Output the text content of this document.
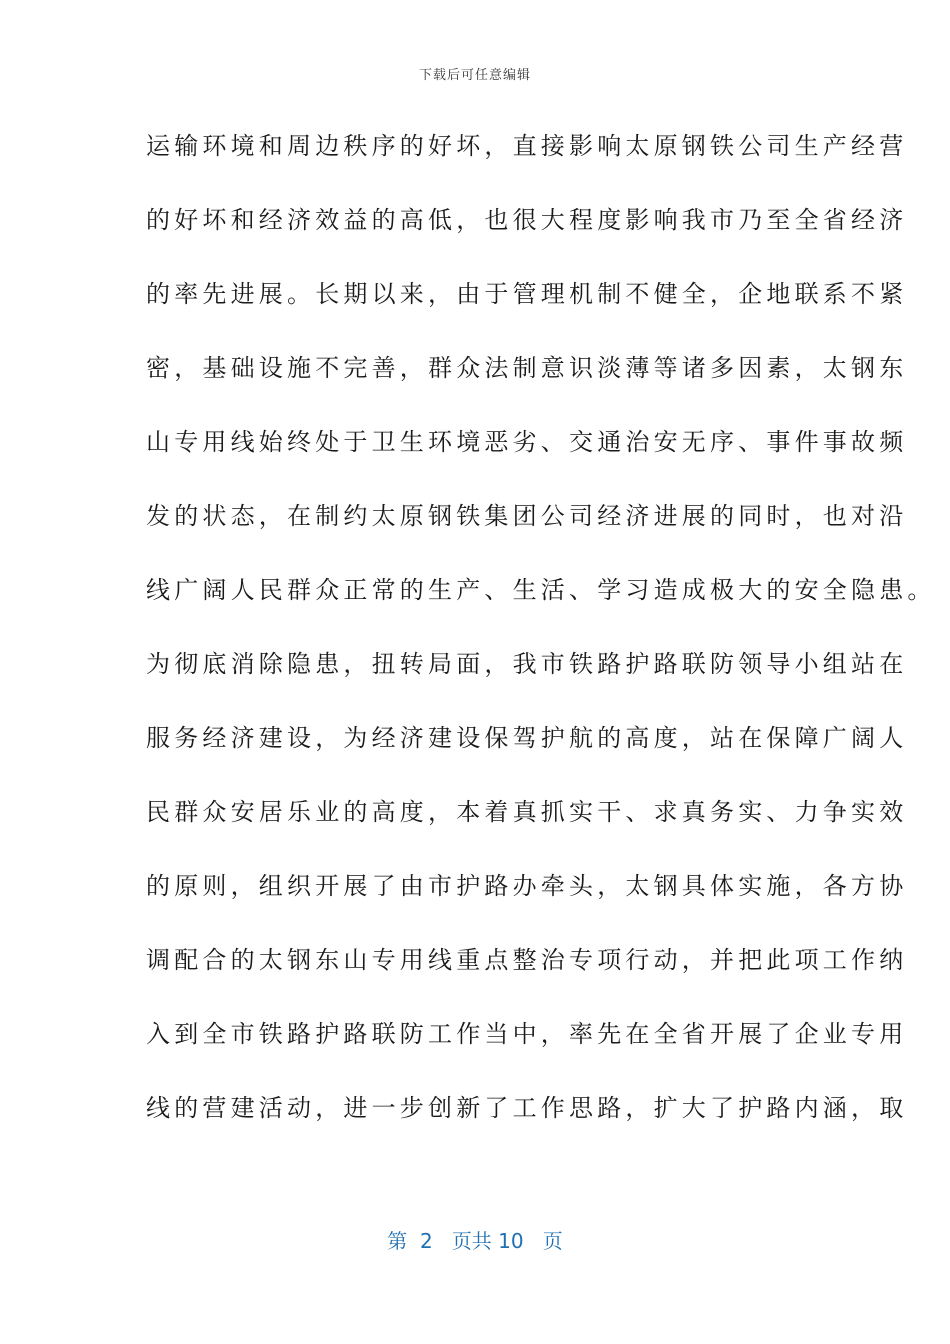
下载后可任意编辑
运输环境和周边秩序的好坏，直接影响太原钢铁公司生产经营
的好坏和经济效益的高低，也很大程度影响我市乃至全省经济
的率先进展。长期以来，由于管理机制不健全，企地联系不紧
密，基础设施不完善，群众法制意识淡薄等诸多因素，太钢东
山专用线始终处于卫生环境恶劣、交通治安无序、事件事故频
发的状态，在制约太原钢铁集团公司经济进展的同时，也对沿
线广阔人民群众正常的生产、生活、学习造成极大的安全隐患。
为彻底消除隐患，扭转局面，我市铁路护路联防领导小组站在
服务经济建设，为经济建设保驾护航的高度，站在保障广阔人
民群众安居乐业的高度，本着真抓实干、求真务实、力争实效
的原则，组织开展了由市护路办牵头，太钢具体实施，各方协
调配合的太钢东山专用线重点整治专项行动，并把此项工作纳
入到全市铁路护路联防工作当中，率先在全省开展了企业专用
线的营建活动，进一步创新了工作思路，扩大了护路内涵，取
第 2 页共 10 页
